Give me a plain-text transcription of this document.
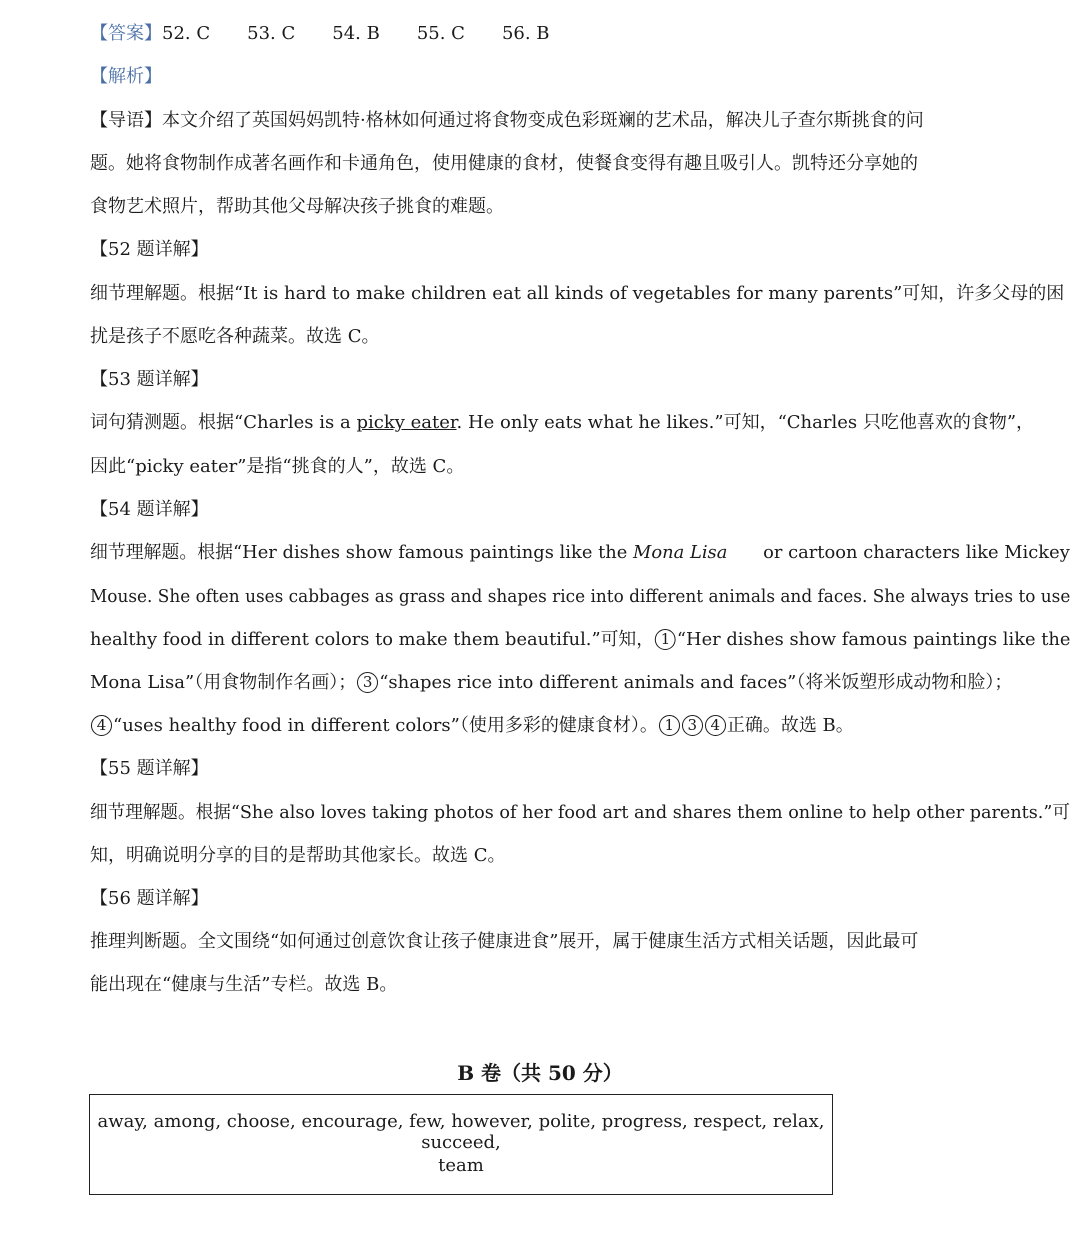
【答案】52. C 53. C 54. B 55. C 56. B
【解析】
【导语】本文介绍了英国妈妈凯特·格林如何通过将食物变成色彩斑斓的艺术品，解决儿子查尔斯挑食的问
题。她将食物制作成著名画作和卡通角色，使用健康的食材，使餐食变得有趣且吸引人。凯特还分享她的
食物艺术照片，帮助其他父母解决孩子挑食的难题。
【52 题详解】
细节理解题。根据“It is hard to make children eat all kinds of vegetables for many parents”可知，许多父母的困
扰是孩子不愿吃各种蔬菜。故选 C。
【53 题详解】
词句猜测题。根据“Charles is a picky eater. He only eats what he likes.”可知，“Charles 只吃他喜欢的食物”，
因此“picky eater”是指“挑食的人”，故选 C。
【54 题详解】
细节理解题。根据“Her dishes show famous paintings like the Mona Lisa or cartoon characters like Mickey
Mouse. She often uses cabbages as grass and shapes rice into different animals and faces. She always tries to use
healthy food in different colors to make them beautiful.”可知， 1 “Her dishes show famous paintings like the
Mona Lisa”（用食物制作名画）； 3 “shapes rice into different animals and faces”（将米饭塑形成动物和脸）；
4 “uses healthy food in different colors”（使用多彩的健康食材）。 1 3 4 正确。故选 B。
【55 题详解】
细节理解题。根据“She also loves taking photos of her food art and shares them online to help other parents.”可
知，明确说明分享的目的是帮助其他家长。故选 C。
【56 题详解】
推理判断题。全文围绕“如何通过创意饮食让孩子健康进食”展开，属于健康生活方式相关话题，因此最可
能出现在“健康与生活”专栏。故选 B。
B 卷（共 50 分）
away, among, choose, encourage, few, however, polite, progress, respect, relax, succeed,
team
